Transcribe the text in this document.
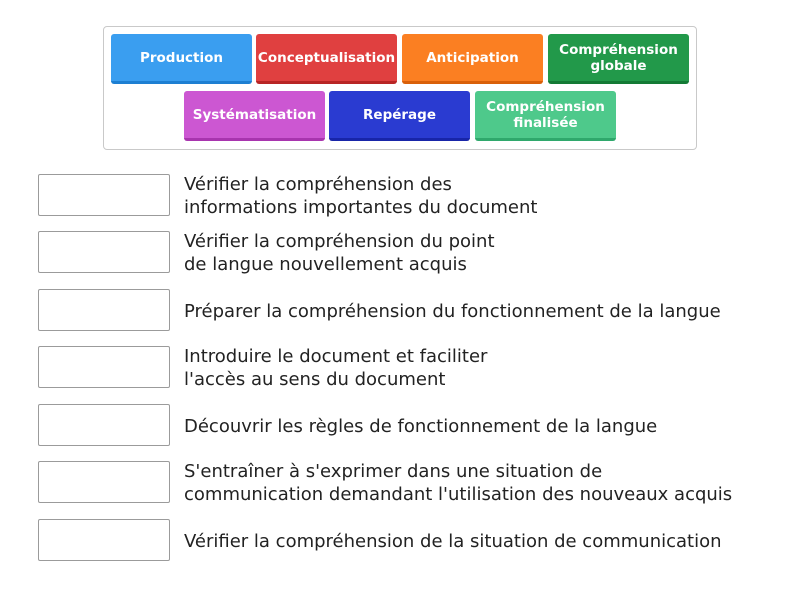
Production	Conceptualisation	Anticipation	Compréhension
globale
Systématisation	Repérage	Compréhension
finalisée
Vérifier la compréhension des
informations importantes du document
Vérifier la compréhension du point
de langue nouvellement acquis
Préparer la compréhension du fonctionnement de la langue
Introduire le document et faciliter
l'accès au sens du document
Découvrir les règles de fonctionnement de la langue
S'entraîner à s'exprimer dans une situation de
communication demandant l'utilisation des nouveaux acquis
Vérifier la compréhension de la situation de communication
